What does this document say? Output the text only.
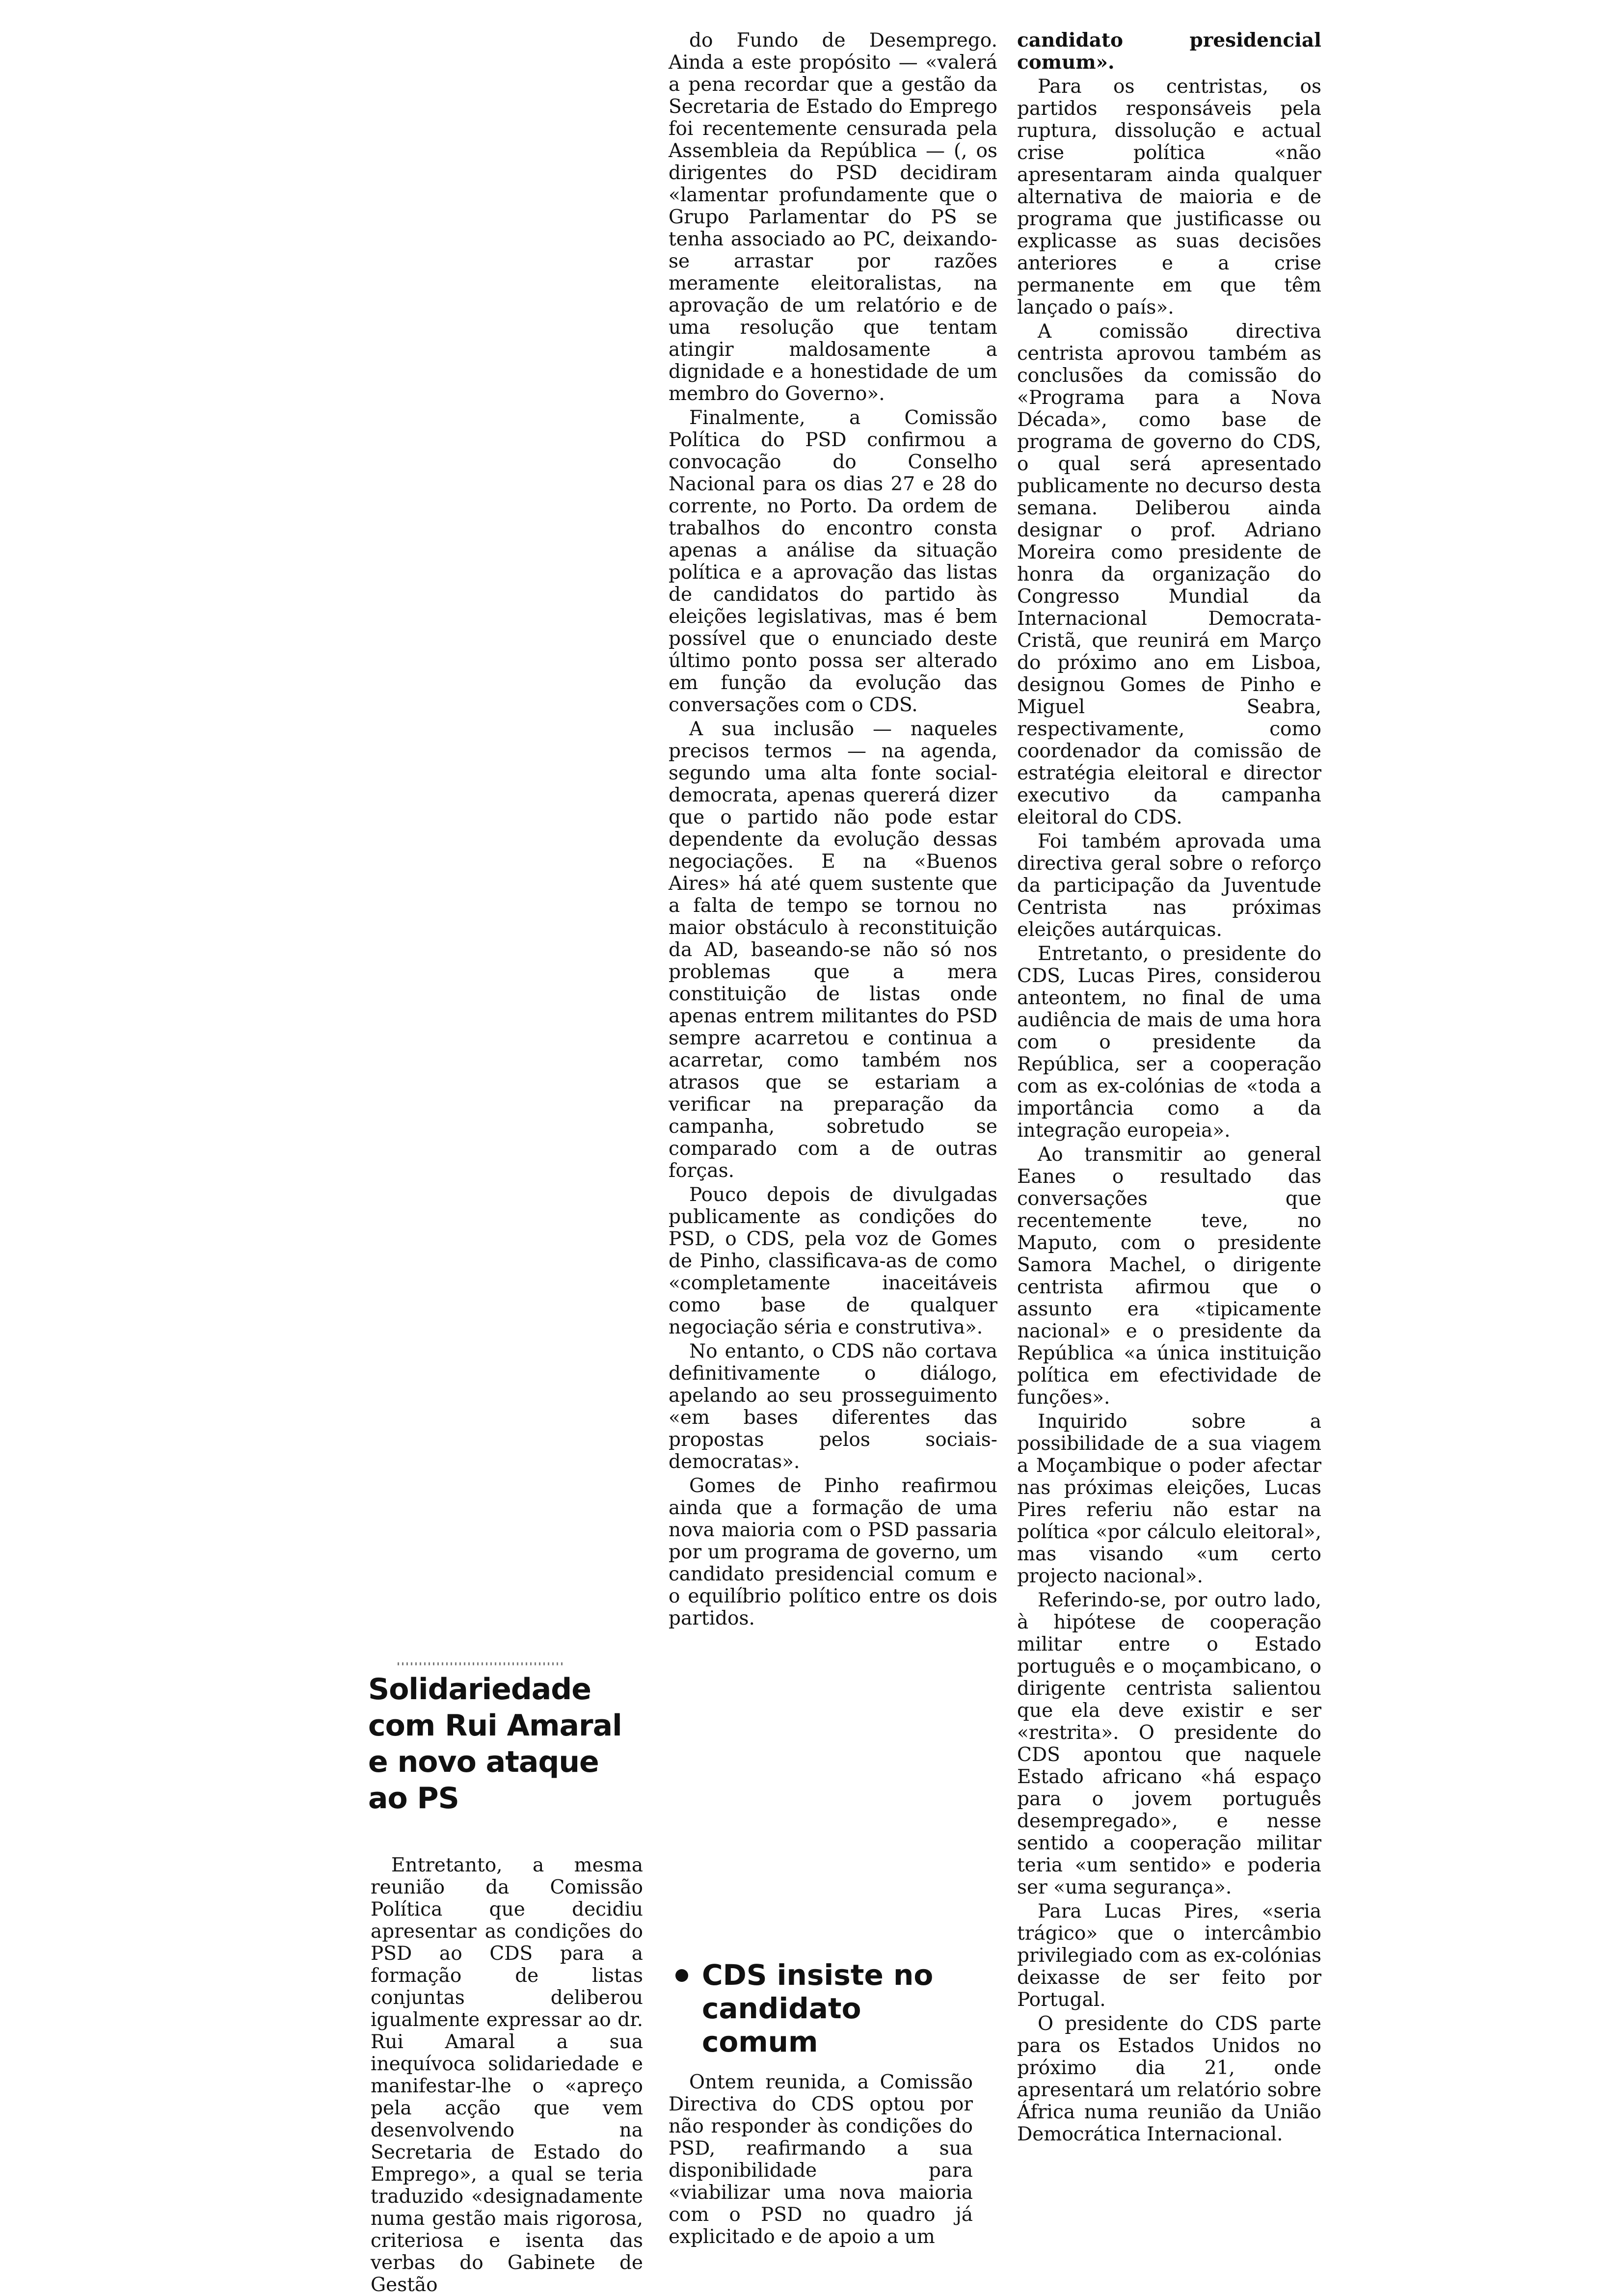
do Fundo de Desemprego. Ainda a este propósito — «valerá a pena recordar que a gestão da Secretaria de Estado do Emprego foi recentemente censurada pela Assembleia da República — (, os dirigentes do PSD decidiram «lamentar profundamente que o Grupo Parlamentar do PS se tenha associado ao PC, deixando-se arrastar por razões meramente eleitoralistas, na aprovação de um relatório e de uma resolução que tentam atingir maldosamente a dignidade e a honestidade de um membro do Governo».

Finalmente, a Comissão Política do PSD confirmou a convocação do Conselho Nacional para os dias 27 e 28 do corrente, no Porto. Da ordem de trabalhos do encontro consta apenas a análise da situação política e a aprovação das listas de candidatos do partido às eleições legislativas, mas é bem possível que o enunciado deste último ponto possa ser alterado em função da evolução das conversações com o CDS.

A sua inclusão — naqueles precisos termos — na agenda, segundo uma alta fonte social-democrata, apenas quererá dizer que o partido não pode estar dependente da evolução dessas negociações. E na «Buenos Aires» há até quem sustente que a falta de tempo se tornou no maior obstáculo à reconstituição da AD, baseando-se não só nos problemas que a mera constituição de listas onde apenas entrem militantes do PSD sempre acarretou e continua a acarretar, como também nos atrasos que se estariam a verificar na preparação da campanha, sobretudo se comparado com a de outras forças.

Pouco depois de divulgadas publicamente as condições do PSD, o CDS, pela voz de Gomes de Pinho, classificava-as de como «completamente inaceitáveis como base de qualquer negociação séria e construtiva».

No entanto, o CDS não cortava definitivamente o diálogo, apelando ao seu prosseguimento «em bases diferentes das propostas pelos sociais-democratas».

Gomes de Pinho reafirmou ainda que a formação de uma nova maioria com o PSD passaria por um programa de governo, um candidato presidencial comum e o equilíbrio político entre os dois partidos.

candidato presidencial comum».

Para os centristas, os partidos responsáveis pela ruptura, dissolução e actual crise política «não apresentaram ainda qualquer alternativa de maioria e de programa que justificasse ou explicasse as suas decisões anteriores e a crise permanente em que têm lançado o país».

A comissão directiva centrista aprovou também as conclusões da comissão do «Programa para a Nova Década», como base de programa de governo do CDS, o qual será apresentado publicamente no decurso desta semana. Deliberou ainda designar o prof. Adriano Moreira como presidente de honra da organização do Congresso Mundial da Internacional Democrata-Cristã, que reunirá em Março do próximo ano em Lisboa, designou Gomes de Pinho e Miguel Seabra, respectivamente, como coordenador da comissão de estratégia eleitoral e director executivo da campanha eleitoral do CDS.

Foi também aprovada uma directiva geral sobre o reforço da participação da Juventude Centrista nas próximas eleições autárquicas.

Entretanto, o presidente do CDS, Lucas Pires, considerou anteontem, no final de uma audiência de mais de uma hora com o presidente da República, ser a cooperação com as ex-colónias de «toda a importância como a da integração europeia».

Ao transmitir ao general Eanes o resultado das conversações que recentemente teve, no Maputo, com o presidente Samora Machel, o dirigente centrista afirmou que o assunto era «tipicamente nacional» e o presidente da República «a única instituição política em efectividade de funções».

Inquirido sobre a possibilidade de a sua viagem a Moçambique o poder afectar nas próximas eleições, Lucas Pires referiu não estar na política «por cálculo eleitoral», mas visando «um certo projecto nacional».

Referindo-se, por outro lado, à hipótese de cooperação militar entre o Estado português e o moçambicano, o dirigente centrista salientou que ela deve existir e ser «restrita». O presidente do CDS apontou que naquele Estado africano «há espaço para o jovem português desempregado», e nesse sentido a cooperação militar teria «um sentido» e poderia ser «uma segurança».

Para Lucas Pires, «seria trágico» que o intercâmbio privilegiado com as ex-colónias deixasse de ser feito por Portugal.

O presidente do CDS parte para os Estados Unidos no próximo dia 21, onde apresentará um relatório sobre África numa reunião da União Democrática Internacional.

Solidariedade com Rui Amaral e novo ataque ao PS

Entretanto, a mesma reunião da Comissão Política que decidiu apresentar as condições do PSD ao CDS para a formação de listas conjuntas deliberou igualmente expressar ao dr. Rui Amaral a sua inequívoca solidariedade e manifestar-lhe o «apreço pela acção que vem desenvolvendo na Secretaria de Estado do Emprego», a qual se teria traduzido «designadamente numa gestão mais rigorosa, criteriosa e isenta das verbas do Gabinete de Gestão

CDS insiste no candidato comum

Ontem reunida, a Comissão Directiva do CDS optou por não responder às condições do PSD, reafirmando a sua disponibilidade para «viabilizar uma nova maioria com o PSD no quadro já explicitado e de apoio a um
